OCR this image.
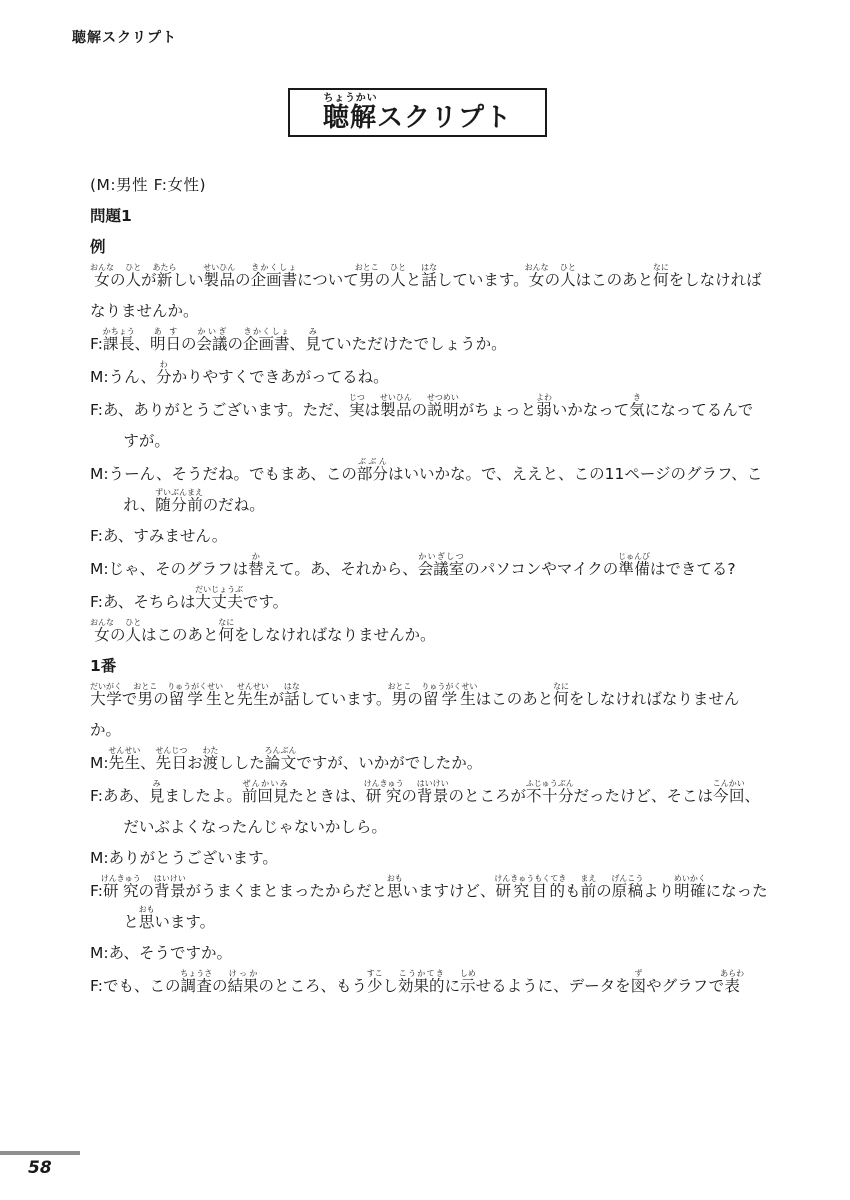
聴解スクリプト
聴解ちょうかいスクリプト

(M:男性 F:女性)

問題1

例

女おんなの人ひとが新あたらしい製品せいひんの企画書きかくしょについて男おとこの人ひとと話はなしています。女おんなの人ひとはこのあと何なにをしなければなりませんか。

F:課長かちょう、明日あすの会議かいぎの企画書きかくしょ、見みていただけたでしょうか。

M:うん、分わかりやすくできあがってるね。

F:あ、ありがとうございます。ただ、実じつは製品せいひんの説明せつめいがちょっと弱よわいかなって気きになってるんですが。

M:うーん、そうだね。でもまあ、この部分ぶぶんはいいかな。で、ええと、この11ページのグラフ、これ、随分前ずいぶんまえのだね。

F:あ、すみません。

M:じゃ、そのグラフは替かえて。あ、それから、会議室かいぎしつのパソコンやマイクの準備じゅんびはできてる?

F:あ、そちらは大丈夫だいじょうぶです。

女おんなの人ひとはこのあと何なにをしなければなりませんか。

1番

大学だいがくで男おとこの留学生りゅうがくせいと先生せんせいが話はなしています。男おとこの留学生りゅうがくせいはこのあと何なにをしなければなりませんか。

M:先生せんせい、先日せんじつお渡わたしした論文ろんぶんですが、いかがでしたか。

F:ああ、見みましたよ。前回見ぜんかいみたときは、研究けんきゅうの背景はいけいのところが不十分ふじゅうぶんだったけど、そこは今回こんかい、だいぶよくなったんじゃないかしら。

M:ありがとうございます。

F:研究けんきゅうの背景はいけいがうまくまとまったからだと思おもいますけど、研究目的けんきゅうもくてきも前まえの原稿げんこうより明確めいかくになったと思おもいます。

M:あ、そうですか。

F:でも、この調査ちょうさの結果けっかのところ、もう少すこし効果的こうかてきに示しめせるように、データを図ずやグラフで表あらわ

58
